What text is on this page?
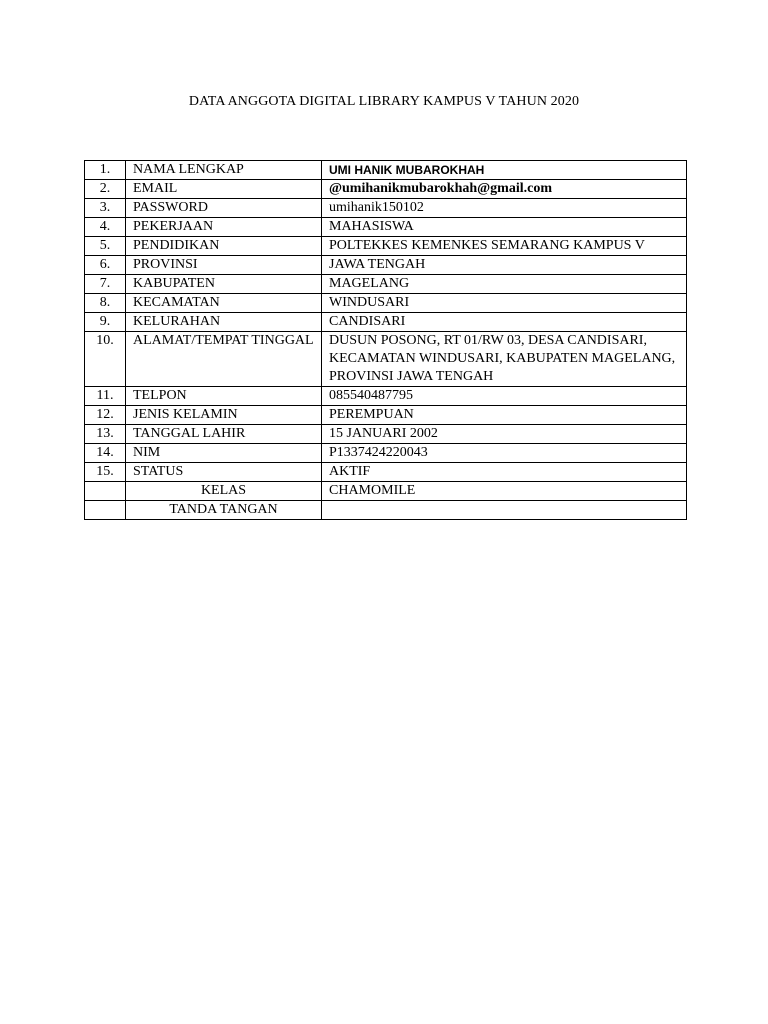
DATA ANGGOTA DIGITAL LIBRARY KAMPUS V TAHUN 2020
1.	NAMA LENGKAP	UMI HANIK MUBAROKHAH
2.	EMAIL	@umihanikmubarokhah@gmail.com
3.	PASSWORD	umihanik150102
4.	PEKERJAAN	MAHASISWA
5.	PENDIDIKAN	POLTEKKES KEMENKES SEMARANG KAMPUS V
6.	PROVINSI	JAWA TENGAH
7.	KABUPATEN	MAGELANG
8.	KECAMATAN	WINDUSARI
9.	KELURAHAN	CANDISARI
10.	ALAMAT/TEMPAT TINGGAL	DUSUN POSONG, RT 01/RW 03, DESA CANDISARI, KECAMATAN WINDUSARI, KABUPATEN MAGELANG, PROVINSI JAWA TENGAH
11.	TELPON	085540487795
12.	JENIS KELAMIN	PEREMPUAN
13.	TANGGAL LAHIR	15 JANUARI 2002
14.	NIM	P1337424220043
15.	STATUS	AKTIF
	KELAS	CHAMOMILE
	TANDA TANGAN	
